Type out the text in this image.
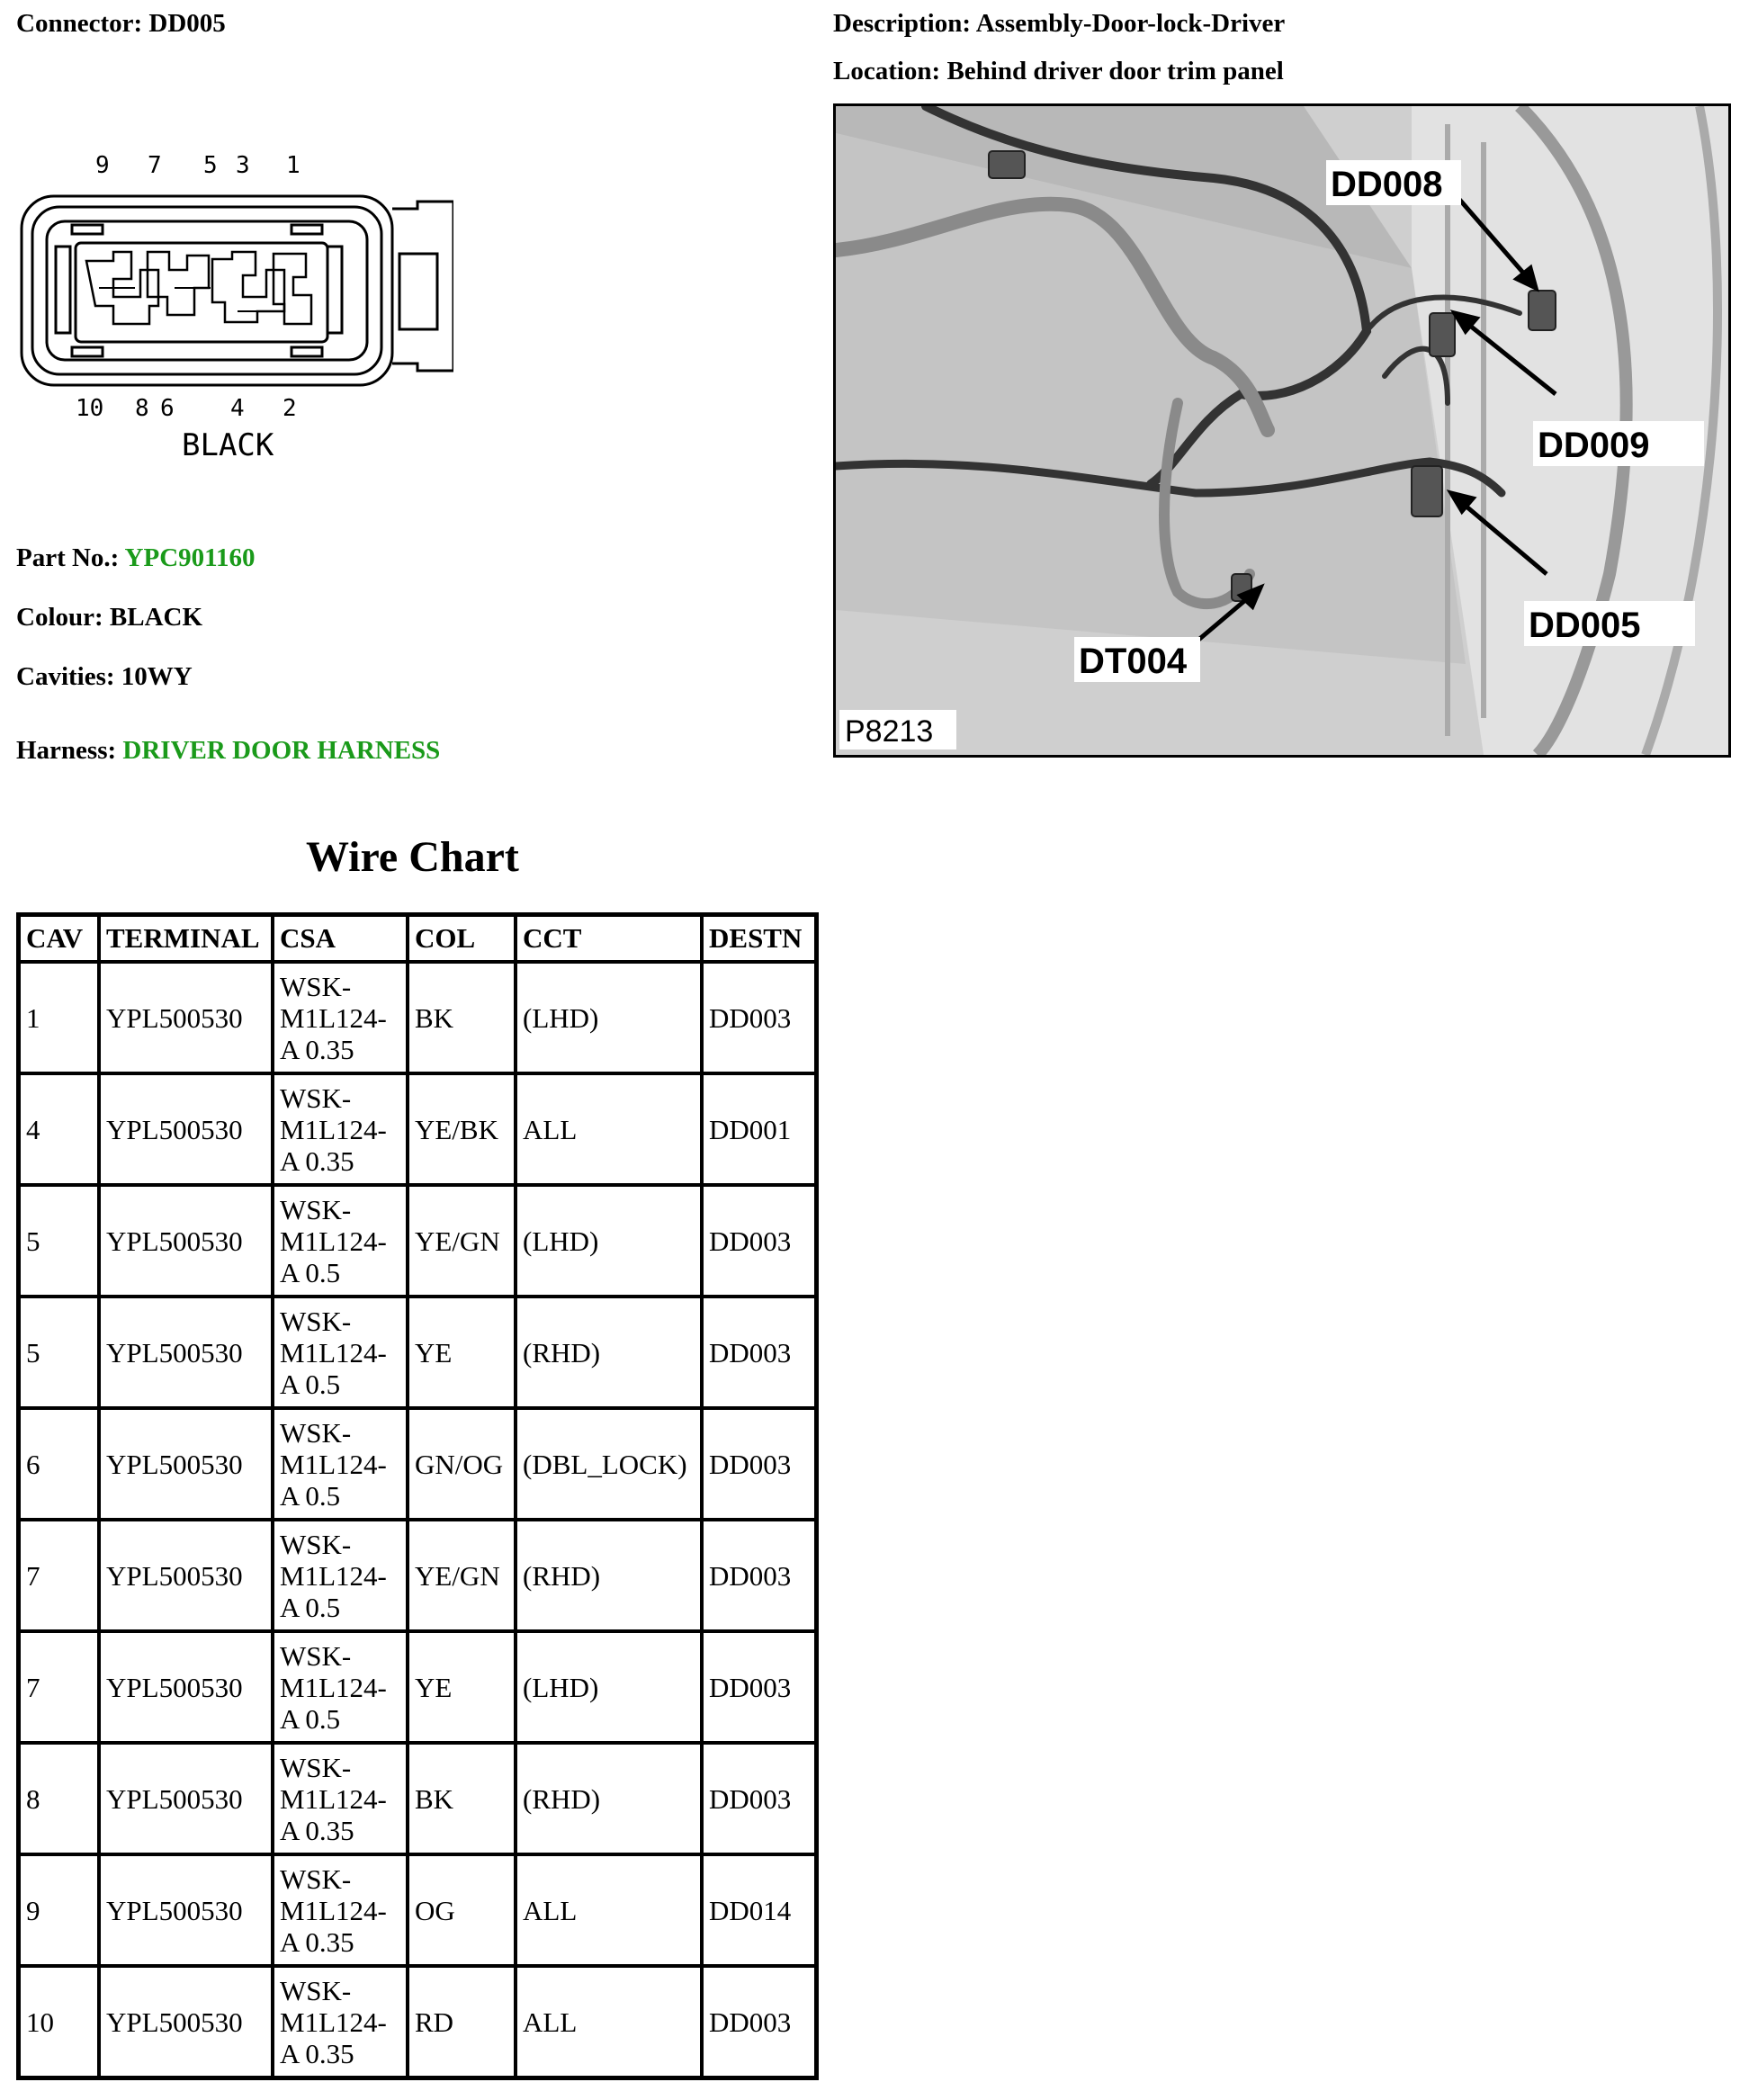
Connector: DD005	Description: Assembly-Door-lock-Driver
Location: Behind driver door trim panel
9 7 5 3 1
10 8 6 4 2
BLACK
DD008
DD009
DD005
DT004
P8213
Part No.: YPC901160
Colour: BLACK
Cavities: 10WY
Harness: DRIVER DOOR HARNESS
Wire Chart
CAV	TERMINAL	CSA	COL	CCT	DESTN
1	YPL500530	WSK-
M1L124-
A 0.35	BK	(LHD)	DD003
4	YPL500530	WSK-
M1L124-
A 0.35	YE/BK	ALL	DD001
5	YPL500530	WSK-
M1L124-
A 0.5	YE/GN	(LHD)	DD003
5	YPL500530	WSK-
M1L124-
A 0.5	YE	(RHD)	DD003
6	YPL500530	WSK-
M1L124-
A 0.5	GN/OG	(DBL_LOCK)	DD003
7	YPL500530	WSK-
M1L124-
A 0.5	YE/GN	(RHD)	DD003
7	YPL500530	WSK-
M1L124-
A 0.5	YE	(LHD)	DD003
8	YPL500530	WSK-
M1L124-
A 0.35	BK	(RHD)	DD003
9	YPL500530	WSK-
M1L124-
A 0.35	OG	ALL	DD014
10	YPL500530	WSK-
M1L124-
A 0.35	RD	ALL	DD003
